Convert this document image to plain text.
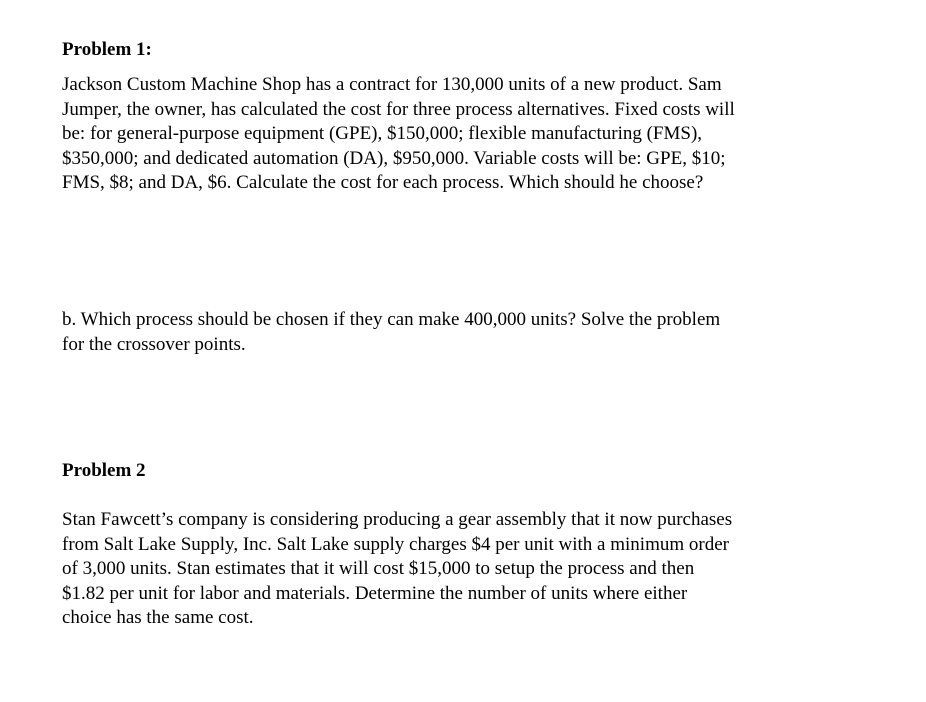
Problem 1:
Jackson Custom Machine Shop has a contract for 130,000 units of a new product. Sam
Jumper, the owner, has calculated the cost for three process alternatives. Fixed costs will
be: for general-purpose equipment (GPE), $150,000; flexible manufacturing (FMS),
$350,000; and dedicated automation (DA), $950,000. Variable costs will be: GPE, $10;
FMS, $8; and DA, $6. Calculate the cost for each process. Which should he choose?
b. Which process should be chosen if they can make 400,000 units? Solve the problem
for the crossover points.
Problem 2
Stan Fawcett’s company is considering producing a gear assembly that it now purchases
from Salt Lake Supply, Inc. Salt Lake supply charges $4 per unit with a minimum order
of 3,000 units. Stan estimates that it will cost $15,000 to setup the process and then
$1.82 per unit for labor and materials. Determine the number of units where either
choice has the same cost.
